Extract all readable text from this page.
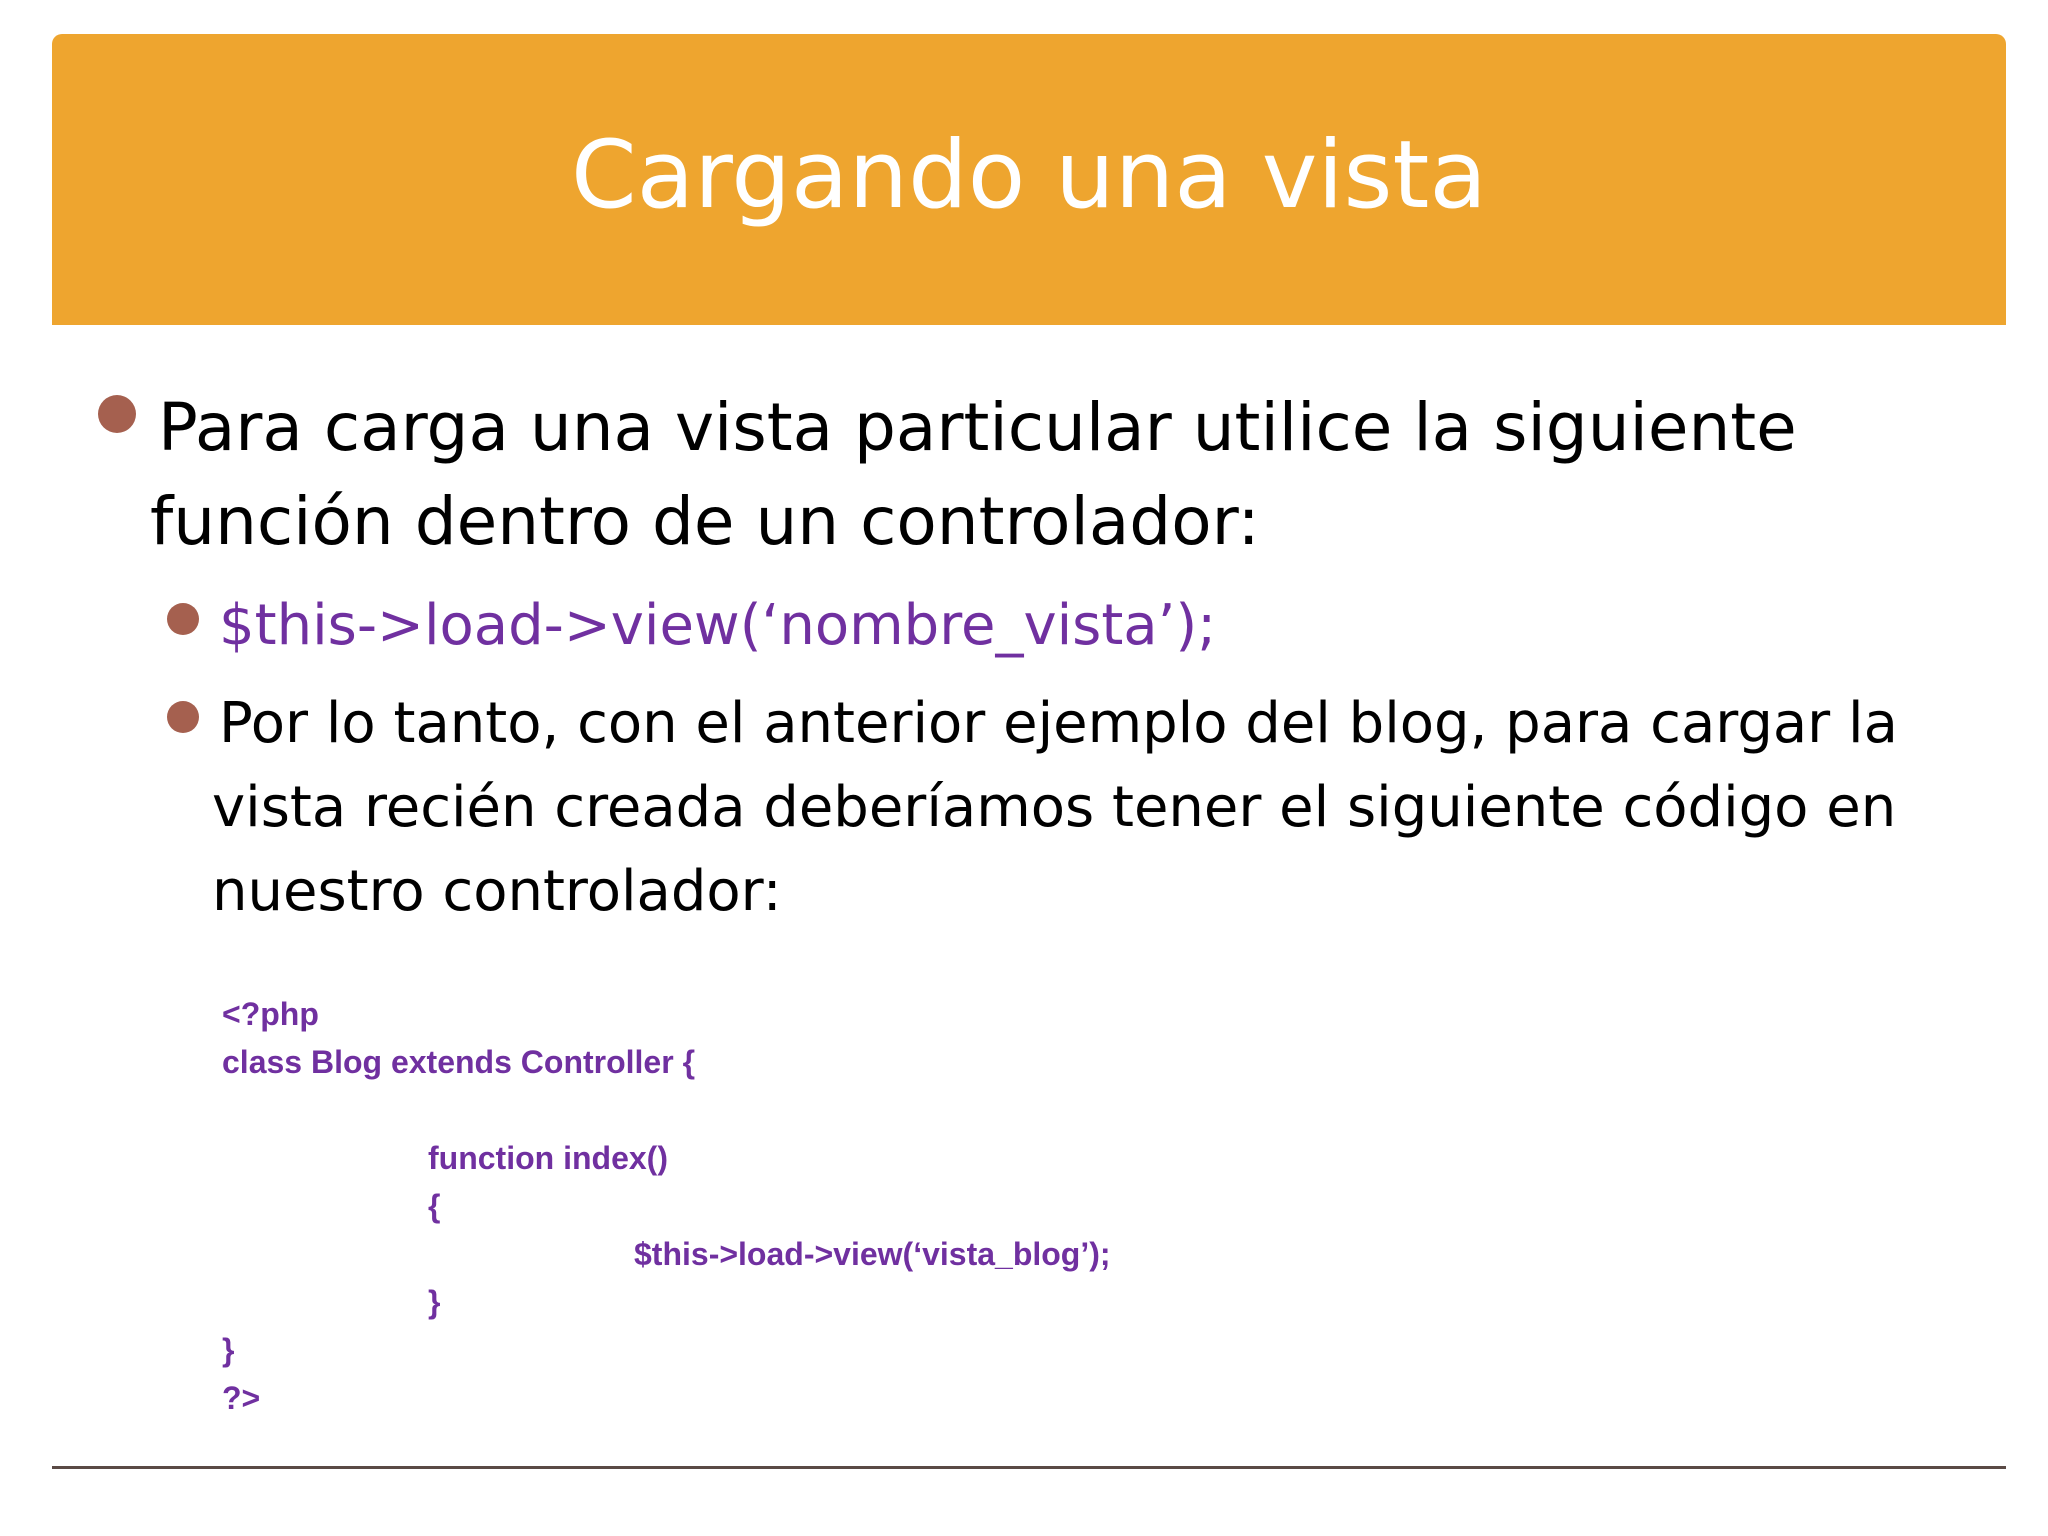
Cargando una vista
Para carga una vista particular utilice la siguiente
función dentro de un controlador:
$this->load->view(‘nombre_vista’);
Por lo tanto, con el anterior ejemplo del blog, para cargar la
vista recién creada deberíamos tener el siguiente código en
nuestro controlador:
<?php
class Blog extends Controller {
function index()
{
$this->load->view(‘vista_blog’);
}
}
?>
